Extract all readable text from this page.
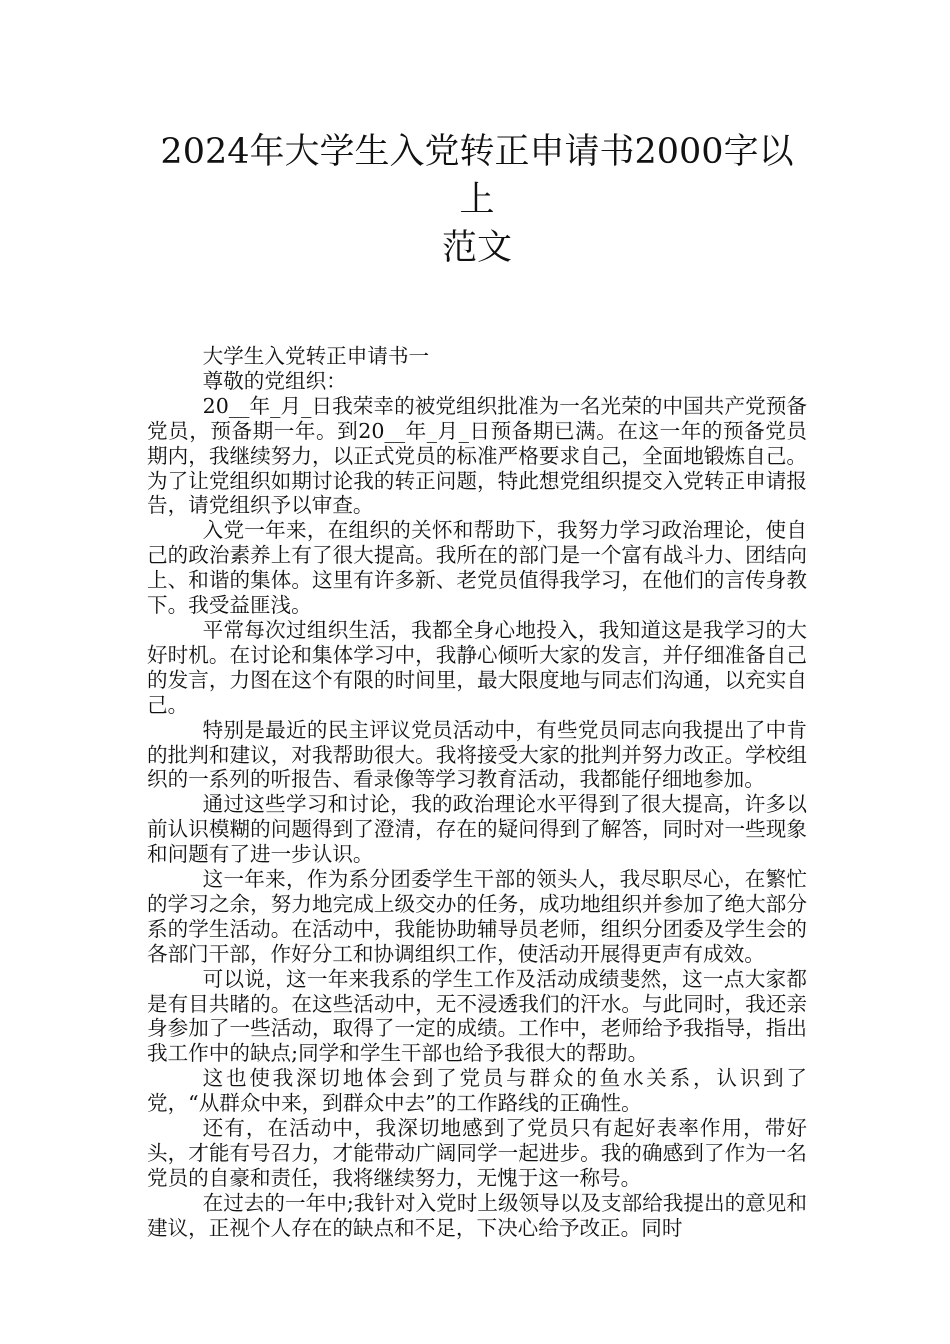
2024年大学生入党转正申请书2000字以上
范文

大学生入党转正申请书一

尊敬的党组织：

20__年_月_日我荣幸的被党组织批准为一名光荣的中国共产党预备党员，预备期一年。到20__年_月_日预备期已满。在这一年的预备党员期内，我继续努力，以正式党员的标准严格要求自己，全面地锻炼自己。为了让党组织如期讨论我的转正问题，特此想党组织提交入党转正申请报告，请党组织予以审查。

入党一年来，在组织的关怀和帮助下，我努力学习政治理论，使自己的政治素养上有了很大提高。我所在的部门是一个富有战斗力、团结向上、和谐的集体。这里有许多新、老党员值得我学习，在他们的言传身教下。我受益匪浅。

平常每次过组织生活，我都全身心地投入，我知道这是我学习的大好时机。在讨论和集体学习中，我静心倾听大家的发言，并仔细准备自己的发言，力图在这个有限的时间里，最大限度地与同志们沟通，以充实自己。

特别是最近的民主评议党员活动中，有些党员同志向我提出了中肯的批判和建议，对我帮助很大。我将接受大家的批判并努力改正。学校组织的一系列的听报告、看录像等学习教育活动，我都能仔细地参加。

通过这些学习和讨论，我的政治理论水平得到了很大提高，许多以前认识模糊的问题得到了澄清，存在的疑问得到了解答，同时对一些现象和问题有了进一步认识。

这一年来，作为系分团委学生干部的领头人，我尽职尽心，在繁忙的学习之余，努力地完成上级交办的任务，成功地组织并参加了绝大部分系的学生活动。在活动中，我能协助辅导员老师，组织分团委及学生会的各部门干部，作好分工和协调组织工作，使活动开展得更声有成效。

可以说，这一年来我系的学生工作及活动成绩斐然，这一点大家都是有目共睹的。在这些活动中，无不浸透我们的汗水。与此同时，我还亲身参加了一些活动，取得了一定的成绩。工作中，老师给予我指导，指出我工作中的缺点;同学和学生干部也给予我很大的帮助。

这也使我深切地体会到了党员与群众的鱼水关系，认识到了党，“从群众中来，到群众中去”的工作路线的正确性。

还有，在活动中，我深切地感到了党员只有起好表率作用，带好头，才能有号召力，才能带动广阔同学一起进步。我的确感到了作为一名党员的自豪和责任，我将继续努力，无愧于这一称号。

在过去的一年中;我针对入党时上级领导以及支部给我提出的意见和建议，正视个人存在的缺点和不足，下决心给予改正。同时
